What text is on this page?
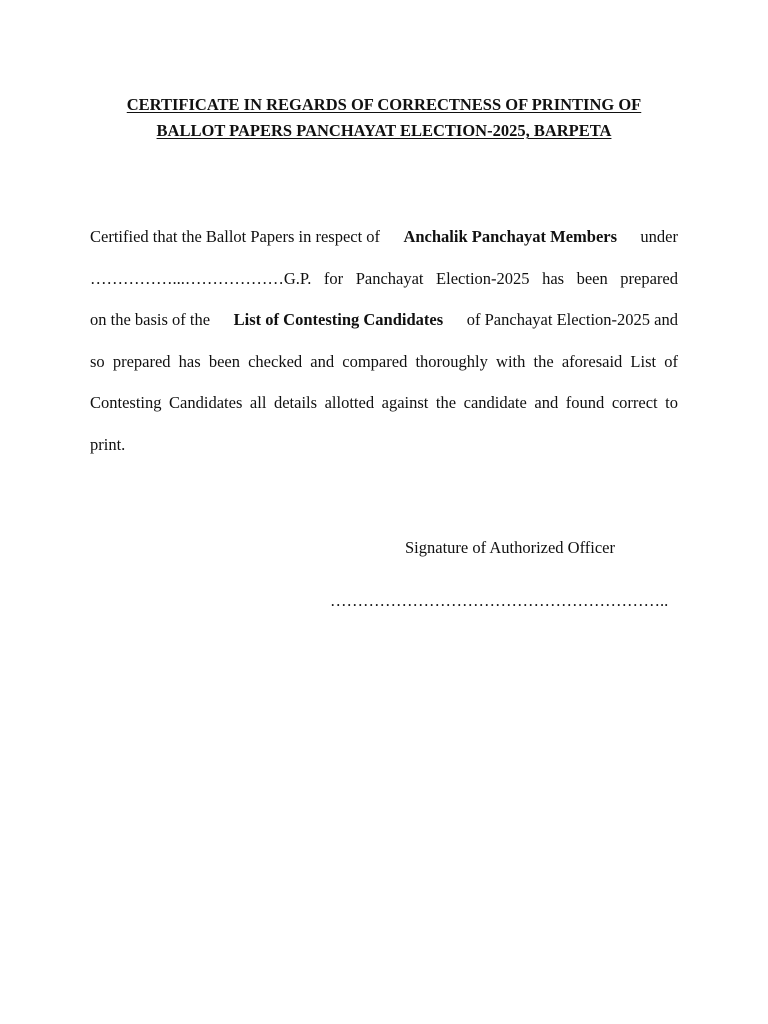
CERTIFICATE IN REGARDS OF CORRECTNESS OF PRINTING OF
BALLOT PAPERS PANCHAYAT ELECTION-2025, BARPETA
Certified that the Ballot Papers in respect of Anchalik Panchayat Members under
……………...………………G.P. for Panchayat Election-2025 has been prepared
on the basis of the List of Contesting Candidates of Panchayat Election-2025 and
so prepared has been checked and compared thoroughly with the aforesaid List of
Contesting Candidates all details allotted against the candidate and found correct to
print.
Signature of Authorized Officer
……………………………………………………..
